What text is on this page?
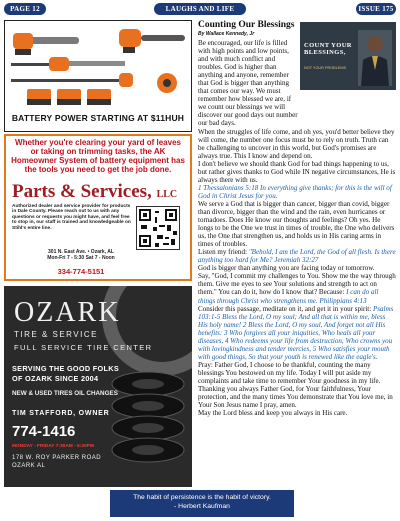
PAGE 12	LAUGHS AND LIFE	ISSUE 175
BATTERY POWER STARTING AT $11HUH
Whether you're clearing your yard of leaves or taking on trimming tasks, the AK Homeowner System of battery equipment has the tools you need to get the job done.
Parts & Services, LLC
Authorized dealer and service provider for products in Dale County. Please reach out to us with any questions or requests you might have, and feel free to stop in, our staff is trained and knowledgeable on Stihl's entire line.
301 N. East Ave. • Ozark, AL
Mon-Fri 7 - 5:30 Sat 7 - Noon
334-774-5151
OZARK
TIRE & SERVICE
FULL SERVICE TIRE CENTER
SERVING THE GOOD FOLKS OF OZARK SINCE 2004
NEW & USED TIRES OIL CHANGES
TIM STAFFORD, OWNER
774-1416
MONDAY - FRIDAY 7:30AM - 5:30PM
178 W. ROY PARKER ROAD
OZARK AL
Counting Our Blessings
By Wallace Kennedy, Jr
COUNT YOUR BLESSINGS,
NOT YOUR PROBLEMS
Be encouraged, our life is filled with high points and low points, and with much conflict and troubles. God is higher than anything and anyone, remember that God is bigger than anything that comes our way. We must remember how blessed we are, if we count our blessings we will discover our good days out number our bad days.
When the struggles of life come, and oh yes, you'd better believe they will come, the number one focus must be to rely on truth. Truth can be challenging to uncover in this world, but God's promises are always true. This I know and depend on.
I don't believe we should thank God for bad things happening to us, but rather gives thanks to God while IN negative circumstances, He is always there with us.
1 Thessalonians 5:18 In everything give thanks; for this is the will of God in Christ Jesus for you.
We serve a God that is bigger than cancer, bigger than covid, bigger than divorce, bigger than the wind and the rain, even hurricanes or tornadoes. Does He know our thoughts and feelings? Oh yes. He longs to be the One we trust in times of trouble, the One who delivers us, the One that strengthen us, and holds us in His caring arms in times of troubles.
Listen my friend: "Behold, I am the Lord, the God of all flesh. Is there anything too hard for Me? Jeremiah 32:27
God is bigger than anything you are facing today or tomorrow.
Say, "God, I commit my challenges to You. Show me the way through them. Give me eyes to see Your solutions and strength to act on them." You can do it, how do I know that? Because: I can do all things through Christ who strengthens me. Philippians 4:13
Consider this passage, meditate on it, and get it in your spirit: Psalms 103:1-5 Bless the Lord, O my soul; And all that is within me, bless His holy name! 2 Bless the Lord, O my soul, And forget not all His benefits: 3 Who forgives all your iniquities, Who heals all your diseases, 4 Who redeems your life from destruction, Who crowns you with lovingkindness and tender mercies, 5 Who satisfies your mouth with good things, So that your youth is renewed like the eagle's.
Pray: Father God, I choose to be thankful, counting the many blessings You bestowed on my life. Today I will put aside my complaints and take time to remember Your goodness in my life. Thanking you always Father God, for Your faithfulness, Your protection, and the many times You demonstrate that You love me, in Your Son Jesus name I pray, amen.
May the Lord bless and keep you always in His care.
The habit of persistence is the habit of victory.
- Herbert Kaufman
